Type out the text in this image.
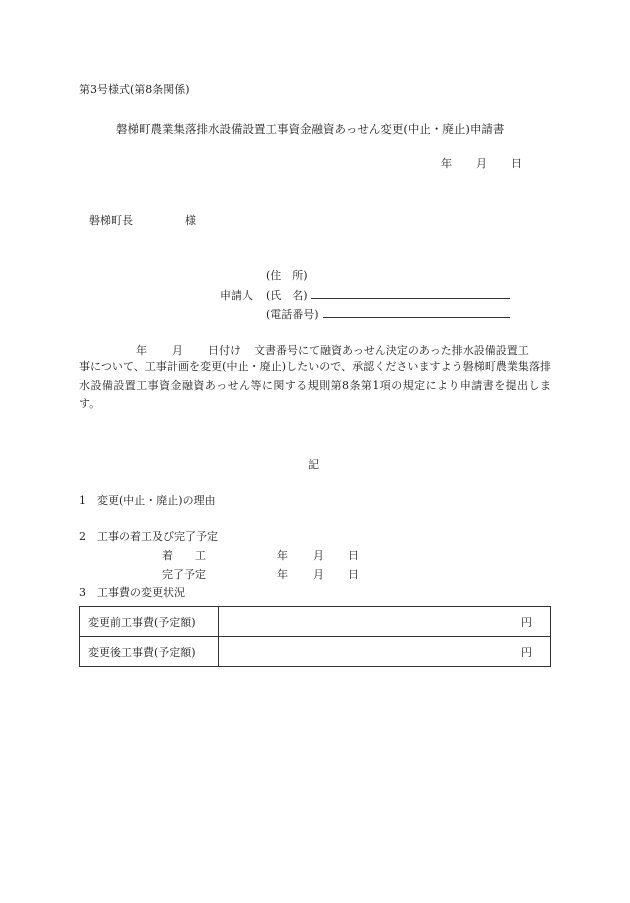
第3号様式(第8条関係)
磐梯町農業集落排水設備設置工事資金融資あっせん変更(中止・廃止)申請書
年 月 日
磐梯町長	様
(住　所)
申請人 (氏　名)
(電話番号)
年 月 日付け 文書番号にて融資あっせん決定のあった排水設備設置工
事について、工事計画を変更(中止・廃止)したいので、承認くださいますよう磐梯町農業集落排水設備設置工事資金融資あっせん等に関する規則第8条第1項の規定により申請書を提出します。
記
1　変更(中止・廃止)の理由
2　工事の着工及び完了予定
着　　工	年 月 日
完了予定	年 月 日
3　工事費の変更状況
変更前工事費(予定額)	円
変更後工事費(予定額)	円
